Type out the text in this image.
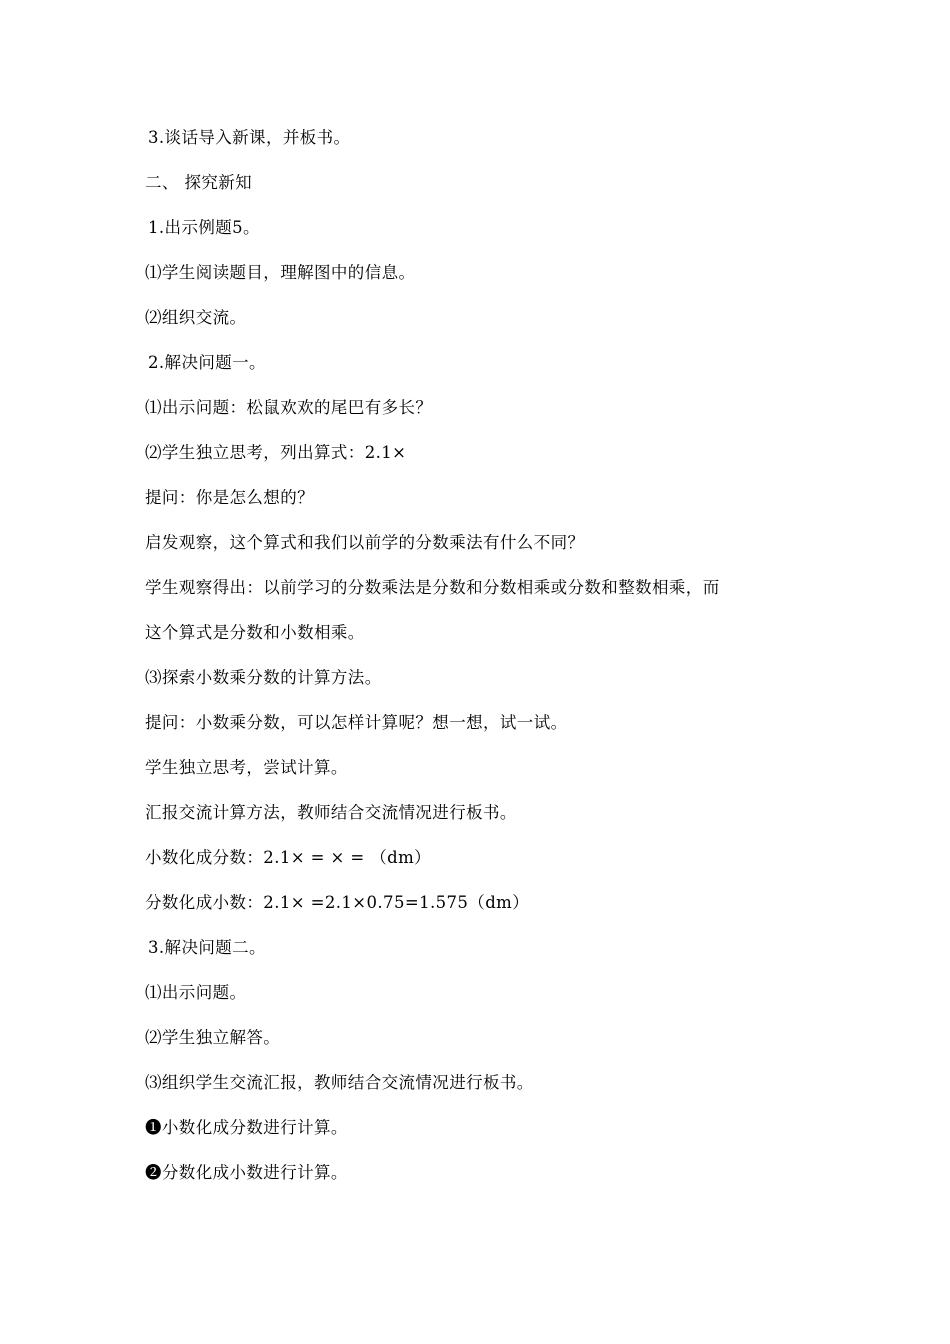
3.谈话导入新课，并板书。
二、 探究新知
1.出示例题5。
⑴学生阅读题目，理解图中的信息。
⑵组织交流。
2.解决问题一。
⑴出示问题：松鼠欢欢的尾巴有多长？
⑵学生独立思考，列出算式：2.1×
提问：你是怎么想的？
启发观察，这个算式和我们以前学的分数乘法有什么不同？
学生观察得出：以前学习的分数乘法是分数和分数相乘或分数和整数相乘，而
这个算式是分数和小数相乘。
⑶探索小数乘分数的计算方法。
提问：小数乘分数，可以怎样计算呢？想一想，试一试。
学生独立思考，尝试计算。
汇报交流计算方法，教师结合交流情况进行板书。
小数化成分数：2.1× = × = （dm）
分数化成小数：2.1× =2.1×0.75=1.575（dm）
3.解决问题二。
⑴出示问题。
⑵学生独立解答。
⑶组织学生交流汇报，教师结合交流情况进行板书。
❶小数化成分数进行计算。
❷分数化成小数进行计算。
